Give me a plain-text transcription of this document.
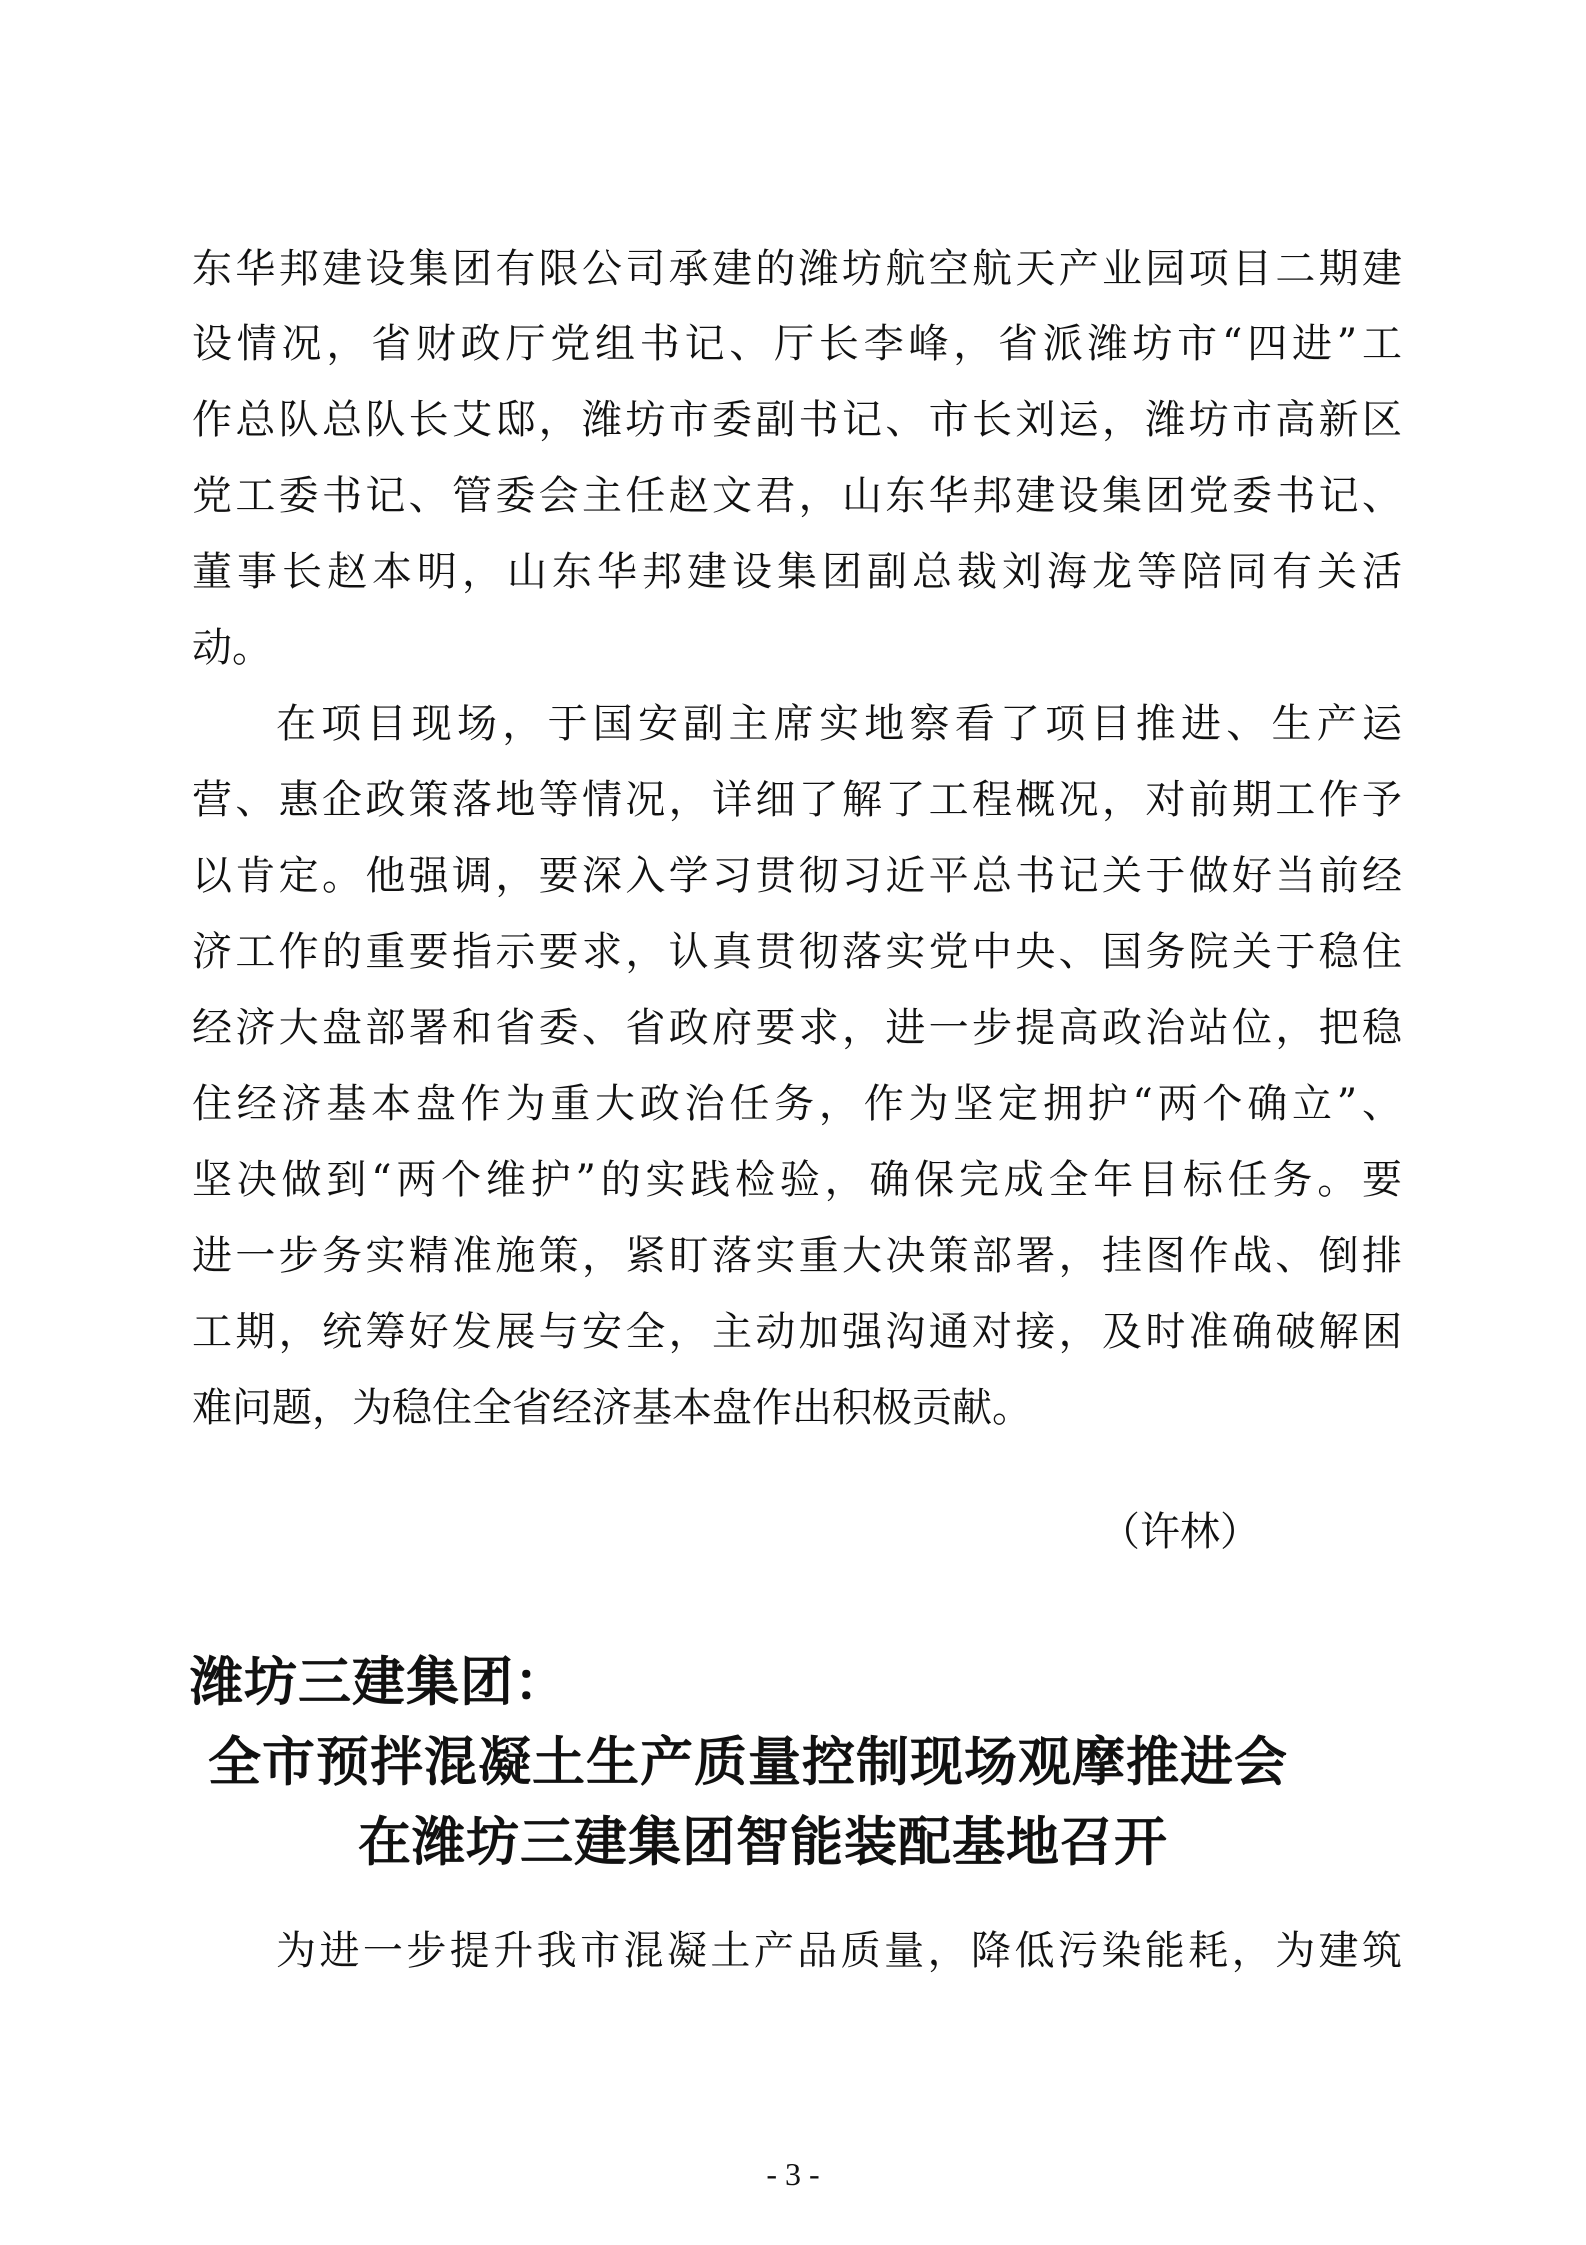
东华邦建设集团有限公司承建的潍坊航空航天产业园项目二期建
设情况，省财政厅党组书记、厅长李峰，省派潍坊市“四进”工
作总队总队长艾邸，潍坊市委副书记、市长刘运，潍坊市高新区
党工委书记、管委会主任赵文君，山东华邦建设集团党委书记、
董事长赵本明，山东华邦建设集团副总裁刘海龙等陪同有关活
动。
在项目现场，于国安副主席实地察看了项目推进、生产运
营、惠企政策落地等情况，详细了解了工程概况，对前期工作予
以肯定。他强调，要深入学习贯彻习近平总书记关于做好当前经
济工作的重要指示要求，认真贯彻落实党中央、国务院关于稳住
经济大盘部署和省委、省政府要求，进一步提高政治站位，把稳
住经济基本盘作为重大政治任务，作为坚定拥护“两个确立”、
坚决做到“两个维护”的实践检验，确保完成全年目标任务。要
进一步务实精准施策，紧盯落实重大决策部署，挂图作战、倒排
工期，统筹好发展与安全，主动加强沟通对接，及时准确破解困
难问题，为稳住全省经济基本盘作出积极贡献。
（许林）
潍坊三建集团：
全市预拌混凝土生产质量控制现场观摩推进会
在潍坊三建集团智能装配基地召开
为进一步提升我市混凝土产品质量，降低污染能耗，为建筑
- 3 -
